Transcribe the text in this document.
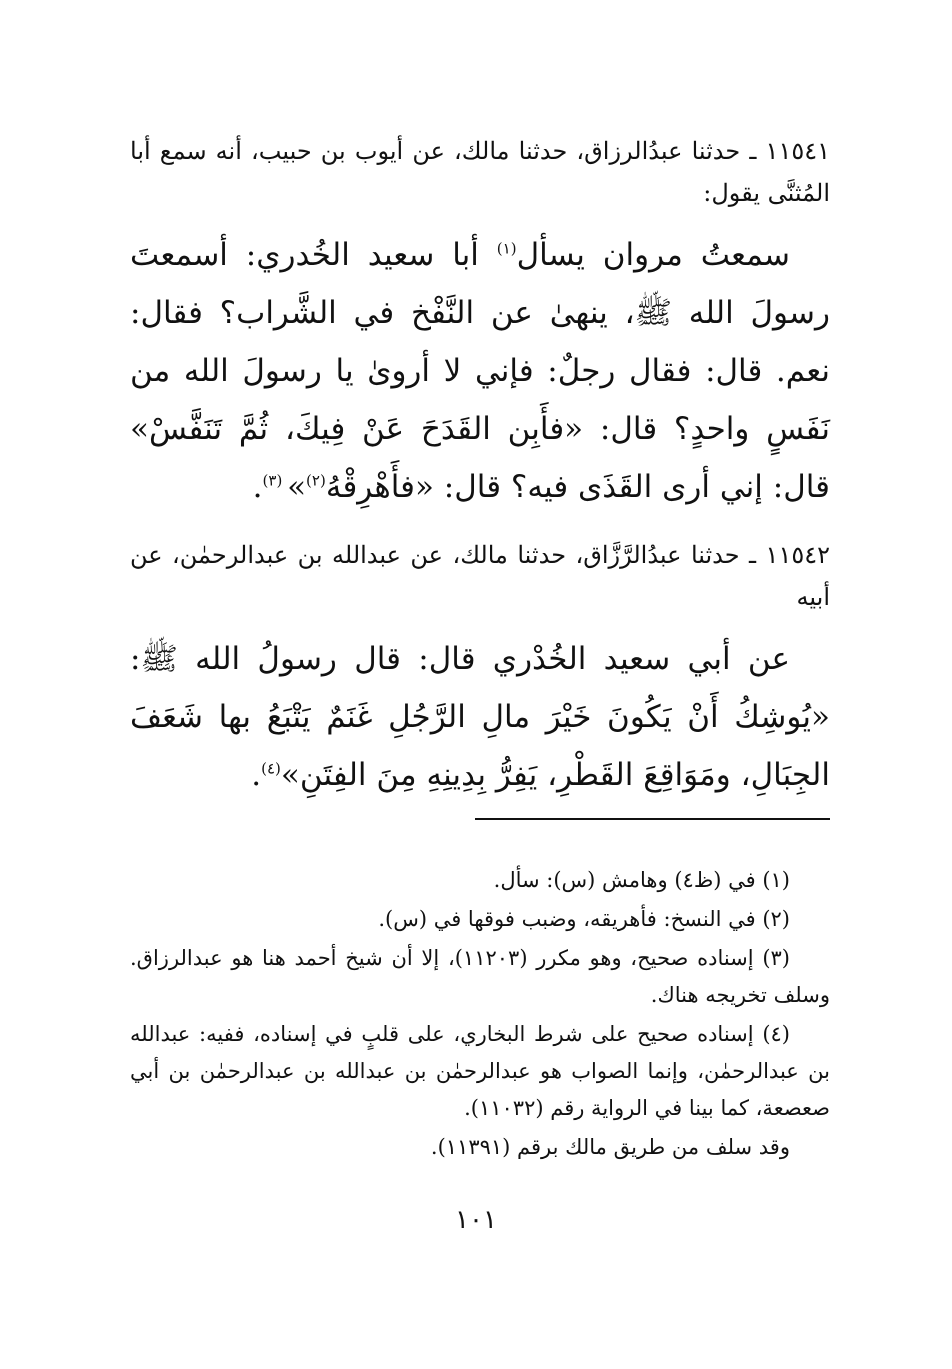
١١٥٤١ ـ حدثنا عبدُالرزاق، حدثنا مالك، عن أيوب بن حبيب، أنه سمع أبا المُثنَّى يقول:

سمعتُ مروان يسأل$^{(١)}$ أبا سعيد الخُدري: أسمعتَ رسولَ الله ﷺ، ينهىٰ عن النَّفْخ في الشَّراب؟ فقال: نعم. قال: فقال رجلٌ: فإني لا أروىٰ يا رسولَ الله من نَفَسٍ واحدٍ؟ قال: «فأَبِن القَدَحَ عَنْ فِيكَ، ثُمَّ تَنَفَّسْ» قال: إني أرى القَذَى فيه؟ قال: «فأَهْرِقْهُ$^{(٢)}$» $^{(٣)}$.

١١٥٤٢ ـ حدثنا عبدُالرَّزَّاق، حدثنا مالك، عن عبدالله بن عبدالرحمٰن، عن أبيه

عن أبي سعيد الخُدْري قال: قال رسولُ الله ﷺ: «يُوشِكُ أَنْ يَكُونَ خَيْرَ مالِ الرَّجُلِ غَنَمٌ يَتْبَعُ بها شَعَفَ الجِبَالِ، ومَوَاقِعَ القَطْرِ، يَفِرُّ بِدِينِهِ مِنَ الفِتَنِ»$^{(٤)}$.

(١) في (ظ٤) وهامش (س): سأل.

(٢) في النسخ: فأهريقه، وضبب فوقها في (س).

(٣) إسناده صحيح، وهو مكرر (١١٢٠٣)، إلا أن شيخ أحمد هنا هو عبدالرزاق. وسلف تخريجه هناك.

(٤) إسناده صحيح على شرط البخاري، على قلبٍ في إسناده، ففيه: عبدالله بن عبدالرحمٰن، وإنما الصواب هو عبدالرحمٰن بن عبدالله بن عبدالرحمٰن بن أبي صعصعة، كما بينا في الرواية رقم (١١٠٣٢).

وقد سلف من طريق مالك برقم (١١٣٩١).

١٠١
